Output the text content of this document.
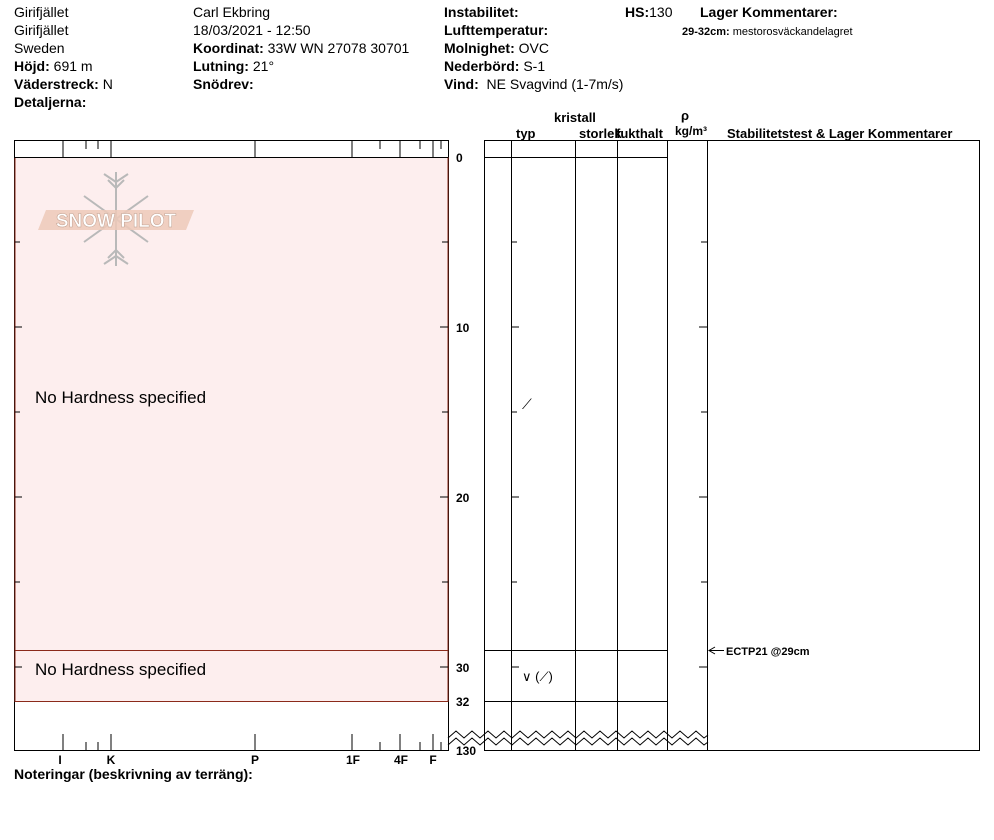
Girifjället
Girifjället
Sweden
Höjd: 691 m
Väderstreck: N
Detaljerna:
Carl Ekbring
18/03/2021 - 12:50
Koordinat: 33W WN 27078 30701
Lutning: 21°
Snödrev:
Instabilitet:
Lufttemperatur:
Molnighet: OVC
Nederbörd: S-1
Vind: NE Svagvind (1-7m/s)
HS:130 Lager Kommentarer:
29-32cm: mestorosväckandelagret
kristall
typ	storlek
fukthalt
ρ
kg/m³ Stabilitetstest & Lager Kommentarer
SNOW PILOT
No Hardness specified
No Hardness specified
0
10
20
30
32
130
I	K	P	1F	4F F
⟋
∨ (⟋)
ECTP21 @29cm
Noteringar (beskrivning av terräng):
